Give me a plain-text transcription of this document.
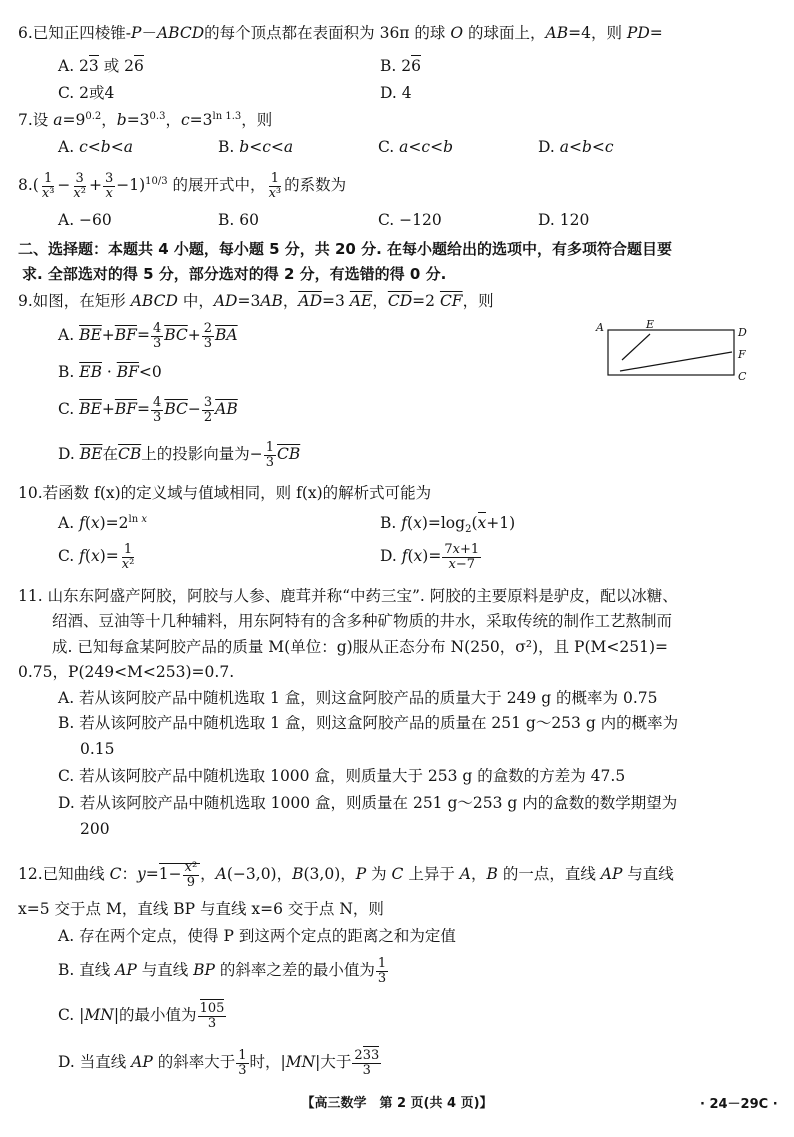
6.已知正四棱锥-P－ABCD的每个顶点都在表面积为 36π 的球 O 的球面上，AB=4，则 PD=
A. 23 或 26	B. 26
C. 2或4	D. 4
7.设 $a=9^{0.2}$，$b=3^{0.3}$，$c=3^{ln 1.3}$，则
A. c<b<a	B. b<c<a	C. a<c<b	D. a<b<c
$8.( \frac{1}{\text{x³}} - \frac{3}{\text{x²}} + \frac{3}{x} -1)^{10/3}$ 的展开式中， $\frac{1}{\text{x³}}$ 的系数为
A. −60	B. 60	C. −120	D. 120
二、选择题：本题共 4 小题，每小题 5 分，共 20 分. 在每小题给出的选项中，有多项符合题目要
求. 全部选对的得 5 分，部分选对的得 2 分，有选错的得 0 分.
9.如图，在矩形 ABCD 中，AD=3AB，$\overline{AD}=3$ $\overline{AE}$，$\overline{CD}=2$ $\overline{CF}$，则
A. $\overline{BE}+\overline{BF}= \frac{4}{3} \overline{BC}+ \frac{2}{3} \overline{BA}$
B. $\overline{EB} \cdot \overline{BF}<0$
C. $\overline{BE}+\overline{BF}= \frac{4}{3} \overline{BC}- \frac{3}{2} \overline{AB}$
D. $\overline{BE}$在$\overline{CB}$上的投影向量为− $\frac{1}{3} \overline{CB}$
A	E
D
F
C
10.若函数 f(x)的定义域与值域相同，则 f(x)的解析式可能为
A. $f(x)=2^{ln x}$	B. $f(x)=\log_2(x+1)$
C. $f(x)= \frac{1}{\text{x²}}$	D. $f(x)= \frac{7x+1}{x-7}$
11. 山东东阿盛产阿胶，阿胶与人参、鹿茸并称“中药三宝”. 阿胶的主要原料是驴皮，配以冰糖、
绍酒、豆油等十几种辅料，用东阿特有的含多种矿物质的井水，采取传统的制作工艺熬制而
成. 已知每盒某阿胶产品的质量 M(单位：g)服从正态分布 N(250，σ²)，且 P(M<251)=
0.75，P(249<M<253)=0.7.
A. 若从该阿胶产品中随机选取 1 盒，则这盒阿胶产品的质量大于 249 g 的概率为 0.75
B. 若从该阿胶产品中随机选取 1 盒，则这盒阿胶产品的质量在 251 g～253 g 内的概率为
0.15
C. 若从该阿胶产品中随机选取 1000 盒，则质量大于 253 g 的盒数的方差为 47.5
D. 若从该阿胶产品中随机选取 1000 盒，则质量在 251 g～253 g 内的盒数的数学期望为
200
12.已知曲线 C：$y=1- \frac{\text{x²}}{9}$ ，A(−3,0)，B(3,0)，P 为 C 上异于 A，B 的一点，直线 AP 与直线
x=5 交于点 M，直线 BP 与直线 x=6 交于点 N，则
A. 存在两个定点，使得 P 到这两个定点的距离之和为定值
B. 直线 AP 与直线 BP 的斜率之差的最小值为 $\frac{1}{3}$
C. |MN|的最小值为 $\frac{105}{3}$
D. 当直线 AP 的斜率大于 $\frac{1}{3}$ 时，|MN|大于 $\frac{233}{3}$
【高三数学　第 2 页(共 4 页)】	· 24－29C ·
